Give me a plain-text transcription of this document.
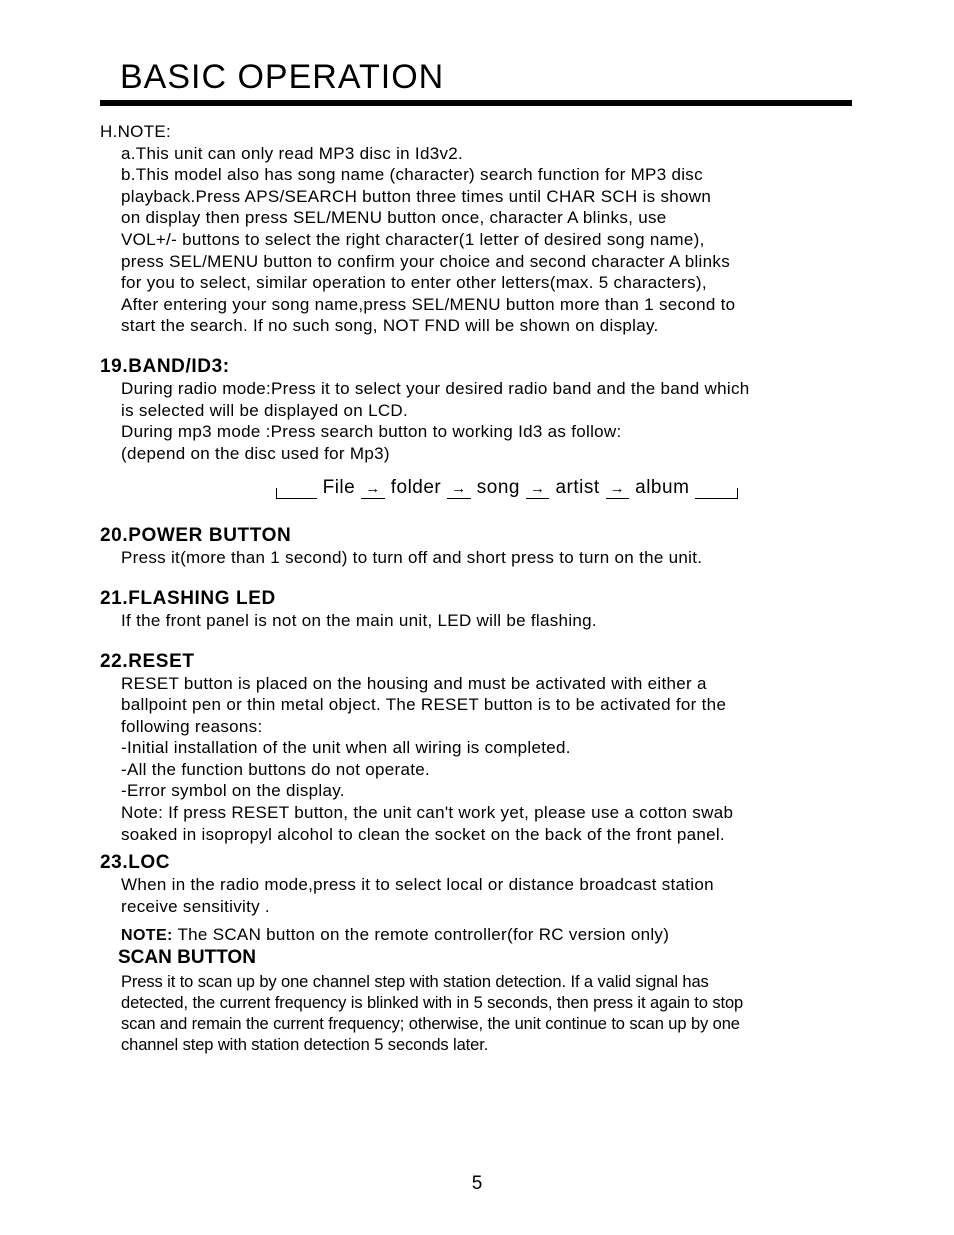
BASIC OPERATION

H.NOTE:

a.This unit can only read MP3 disc in Id3v2.

b.This model also has song name (character) search function for MP3 disc

playback.Press APS/SEARCH button three times until CHAR SCH is shown

on display then press SEL/MENU button once, character A blinks, use

VOL+/- buttons to select the right character(1 letter of desired song name),

press SEL/MENU button to confirm your choice and second character A blinks

for you to select, similar operation to enter other letters(max. 5 characters),

After entering your song name,press SEL/MENU button more than 1 second to

start the search. If no such song, NOT FND will be shown on display.

19.BAND/ID3:

During radio mode:Press it to select your desired radio band and the band which

is selected will be displayed on LCD.

During mp3 mode :Press search button to working Id3 as follow:

(depend on the disc used for Mp3)

File → folder → song → artist → album

20.POWER BUTTON

Press it(more than 1 second) to turn off and short press to turn on the unit.

21.FLASHING LED

If the front panel is not on the main unit, LED will be flashing.

22.RESET

RESET button is placed on the housing and must be activated with either a

ballpoint pen or thin metal object. The RESET button is to be activated for the

following reasons:

-Initial installation of the unit when all wiring is completed.

-All the function buttons do not operate.

-Error symbol on the display.

Note: If press RESET button, the unit can't work yet, please use a cotton swab

soaked in isopropyl alcohol to clean the socket on the back of the front panel.

23.LOC

When in the radio mode,press it to select local or distance broadcast station

receive sensitivity .

NOTE: The SCAN button on the remote controller(for RC version only)

SCAN BUTTON

Press it to scan up by one channel step with station detection. If a valid signal has
detected, the current frequency is blinked with in 5 seconds, then press it again to stop
scan and remain the current frequency; otherwise, the unit continue to scan up by one
channel step with station detection 5 seconds later.
5
